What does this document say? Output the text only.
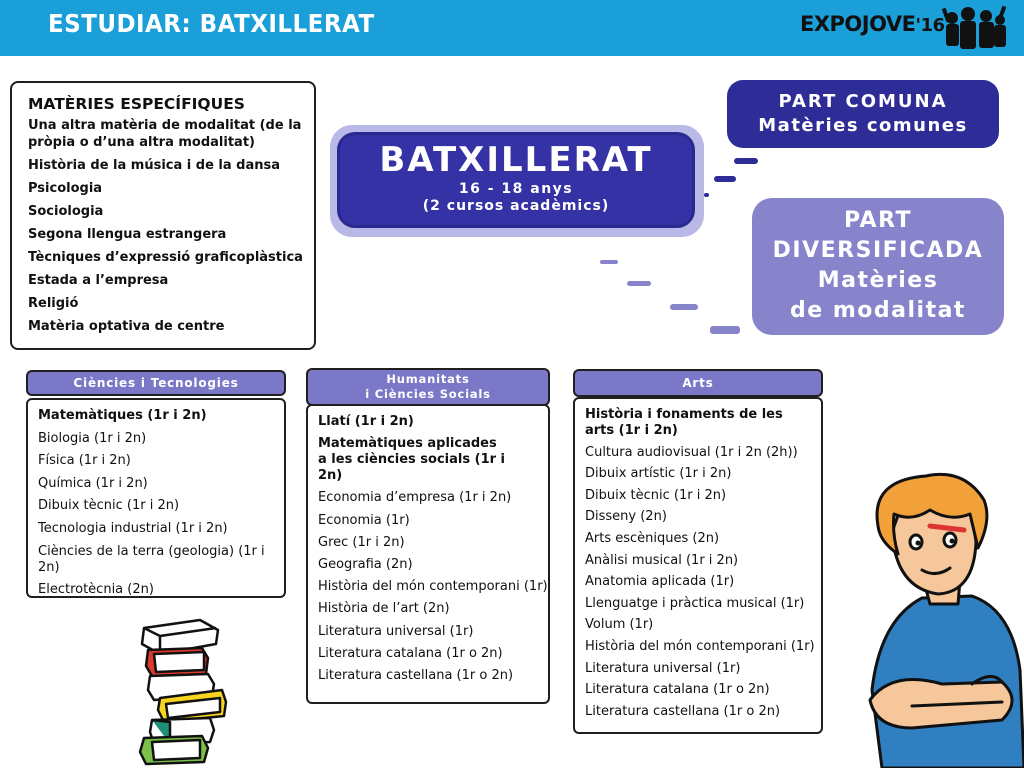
ESTUDIAR: BATXILLERAT	EXPOJOVE'16
MATÈRIES ESPECÍFIQUES
Una altra matèria de modalitat (de la pròpia o d’una altra modalitat)
Història de la música i de la dansa
Psicologia
Sociologia
Segona llengua estrangera
Tècniques d’expressió graficoplàstica
Estada a l’empresa
Religió
Matèria optativa de centre
BATXILLERAT
16 - 18 anys
(2 cursos acadèmics)
PART COMUNA
Matèries comunes
PART
DIVERSIFICADA
Matèries
de modalitat
Ciències i Tecnologies
Matemàtiques (1r i 2n)
Biologia (1r i 2n)
Física (1r i 2n)
Química (1r i 2n)
Dibuix tècnic (1r i 2n)
Tecnologia industrial (1r i 2n)
Ciències de la terra (geologia) (1r i 2n)
Electrotècnia (2n)
Humanitats
i Ciències Socials
Llatí (1r i 2n)
Matemàtiques aplicades a les ciències socials (1r i 2n)
Economia d’empresa (1r i 2n)
Economia (1r)
Grec (1r i 2n)
Geografia (2n)
Història del món contemporani (1r)
Història de l’art (2n)
Literatura universal (1r)
Literatura catalana (1r o 2n)
Literatura castellana (1r o 2n)
Arts
Història i fonaments de les arts (1r i 2n)
Cultura audiovisual (1r i 2n (2h))
Dibuix artístic (1r i 2n)
Dibuix tècnic (1r i 2n)
Disseny (2n)
Arts escèniques (2n)
Anàlisi musical (1r i 2n)
Anatomia aplicada (1r)
Llenguatge i pràctica musical (1r)
Volum (1r)
Història del món contemporani (1r)
Literatura universal (1r)
Literatura catalana (1r o 2n)
Literatura castellana (1r o 2n)
